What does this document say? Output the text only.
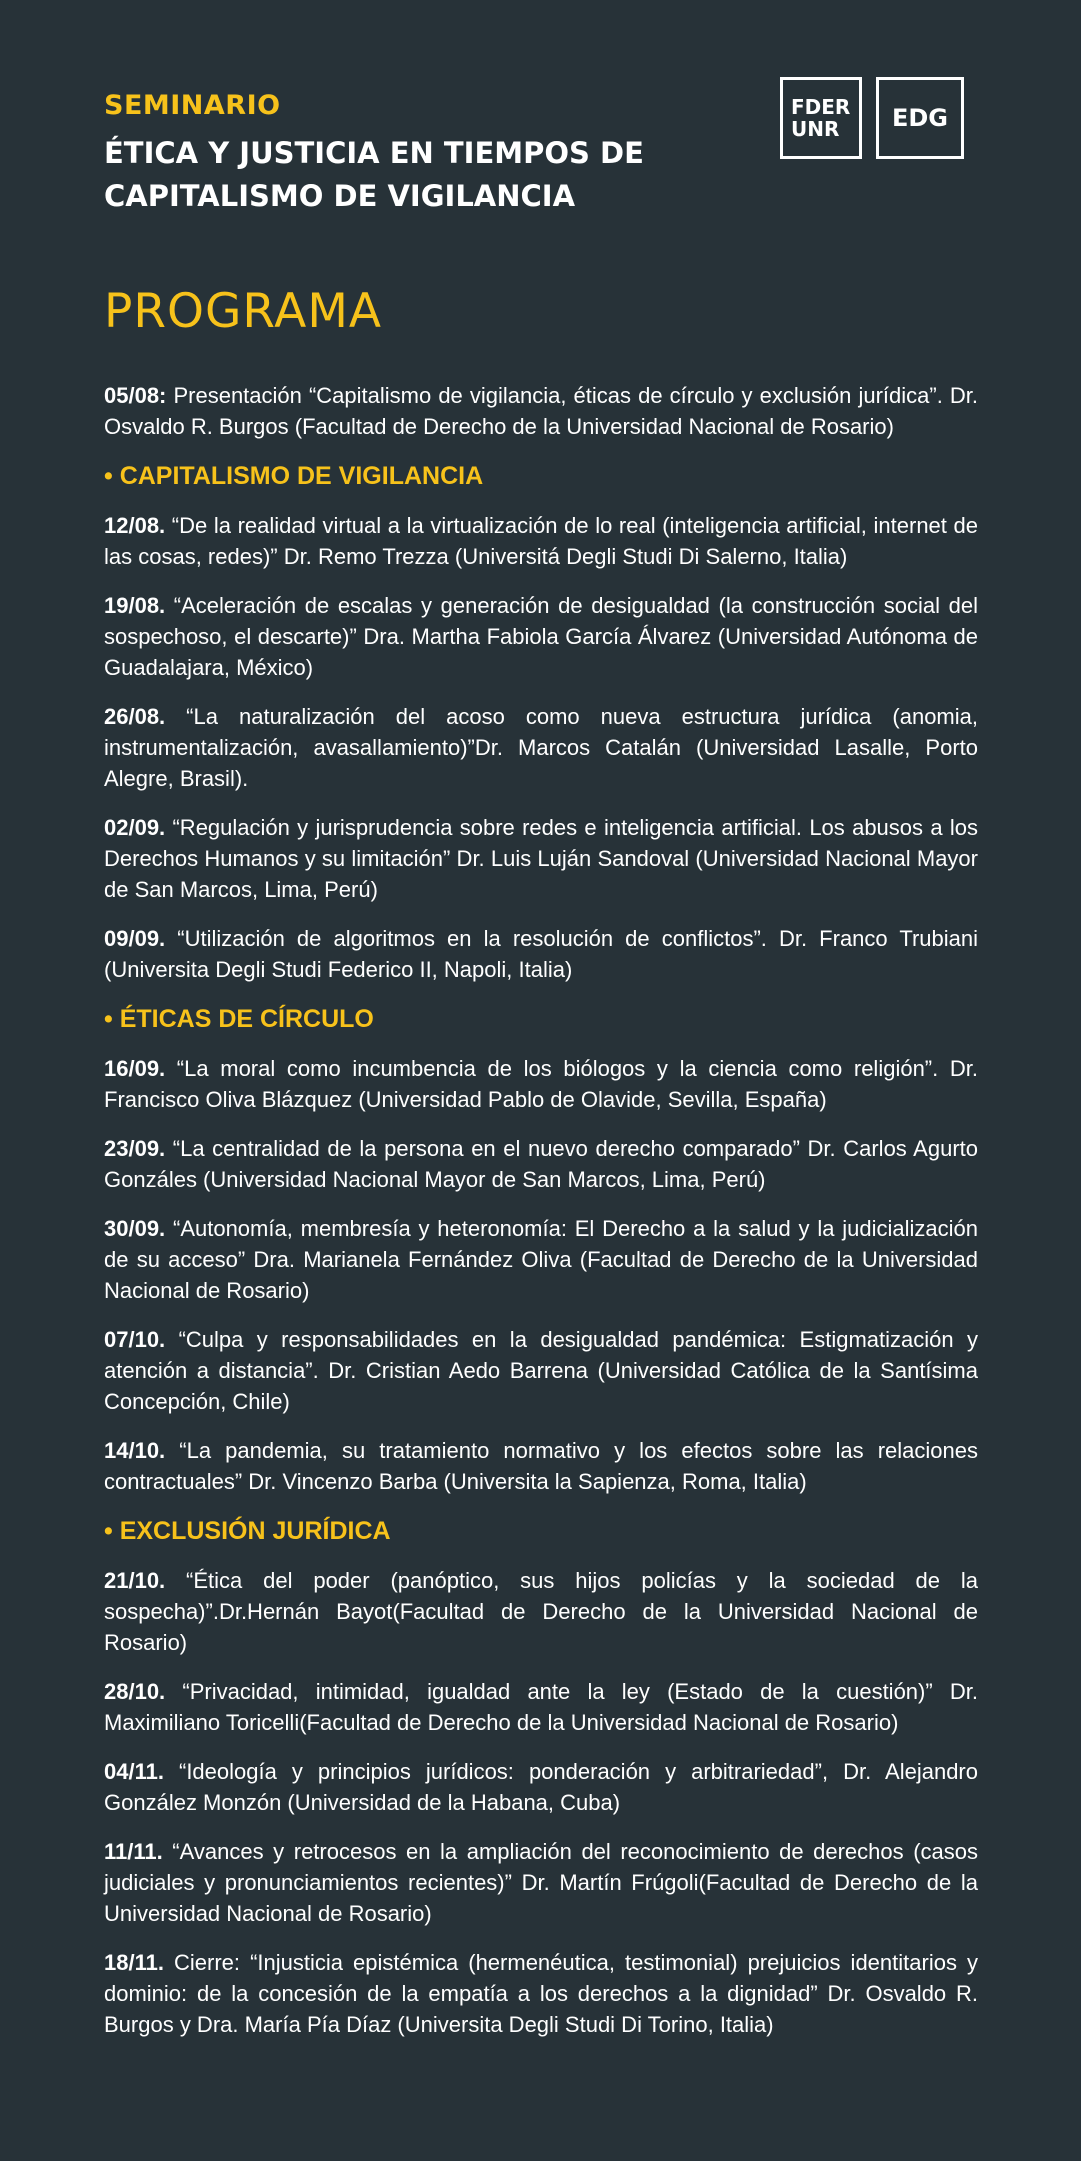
SEMINARIO

ÉTICA Y JUSTICIA EN TIEMPOS DE
CAPITALISMO DE VIGILANCIA
FDER
UNR EDG
PROGRAMA

05/08: Presentación “Capitalismo de vigilancia, éticas de círculo y exclusión jurídica”. Dr. Osvaldo R. Burgos (Facultad de Derecho de la Universidad Nacional de Rosario)

• CAPITALISMO DE VIGILANCIA

12/08. “De la realidad virtual a la virtualización de lo real (inteligencia artificial, internet de las cosas, redes)” Dr. Remo Trezza (Universitá Degli Studi Di Salerno, Italia)

19/08. “Aceleración de escalas y generación de desigualdad (la construcción social del sospechoso, el descarte)” Dra. Martha Fabiola García Álvarez (Universidad Autónoma de Guadalajara, México)

26/08. “La naturalización del acoso como nueva estructura jurídica (anomia, instrumentalización, avasallamiento)”Dr. Marcos Catalán (Universidad Lasalle, Porto Alegre, Brasil).

02/09. “Regulación y jurisprudencia sobre redes e inteligencia artificial. Los abusos a los Derechos Humanos y su limitación” Dr. Luis Luján Sandoval (Universidad Nacional Mayor de San Marcos, Lima, Perú)

09/09. “Utilización de algoritmos en la resolución de conflictos”. Dr. Franco Trubiani (Universita Degli Studi Federico II, Napoli, Italia)

• ÉTICAS DE CÍRCULO

16/09. “La moral como incumbencia de los biólogos y la ciencia como religión”. Dr. Francisco Oliva Blázquez (Universidad Pablo de Olavide, Sevilla, España)

23/09. “La centralidad de la persona en el nuevo derecho comparado” Dr. Carlos Agurto Gonzáles (Universidad Nacional Mayor de San Marcos, Lima, Perú)

30/09. “Autonomía, membresía y heteronomía: El Derecho a la salud y la judicialización de su acceso” Dra. Marianela Fernández Oliva (Facultad de Derecho de la Universidad Nacional de Rosario)

07/10. “Culpa y responsabilidades en la desigualdad pandémica: Estigmatización y atención a distancia”. Dr. Cristian Aedo Barrena (Universidad Católica de la Santísima Concepción, Chile)

14/10. “La pandemia, su tratamiento normativo y los efectos sobre las relaciones contractuales” Dr. Vincenzo Barba (Universita la Sapienza, Roma, Italia)

• EXCLUSIÓN JURÍDICA

21/10. “Ética del poder (panóptico, sus hijos policías y la sociedad de la sospecha)”.Dr.Hernán Bayot(Facultad de Derecho de la Universidad Nacional de Rosario)

28/10. “Privacidad, intimidad, igualdad ante la ley (Estado de la cuestión)” Dr. Maximiliano Toricelli(Facultad de Derecho de la Universidad Nacional de Rosario)

04/11. “Ideología y principios jurídicos: ponderación y arbitrariedad”, Dr. Alejandro González Monzón (Universidad de la Habana, Cuba)

11/11. “Avances y retrocesos en la ampliación del reconocimiento de derechos (casos judiciales y pronunciamientos recientes)” Dr. Martín Frúgoli(Facultad de Derecho de la Universidad Nacional de Rosario)

18/11. Cierre: “Injusticia epistémica (hermenéutica, testimonial) prejuicios identitarios y dominio: de la concesión de la empatía a los derechos a la dignidad” Dr. Osvaldo R. Burgos y Dra. María Pía Díaz (Universita Degli Studi Di Torino, Italia)
